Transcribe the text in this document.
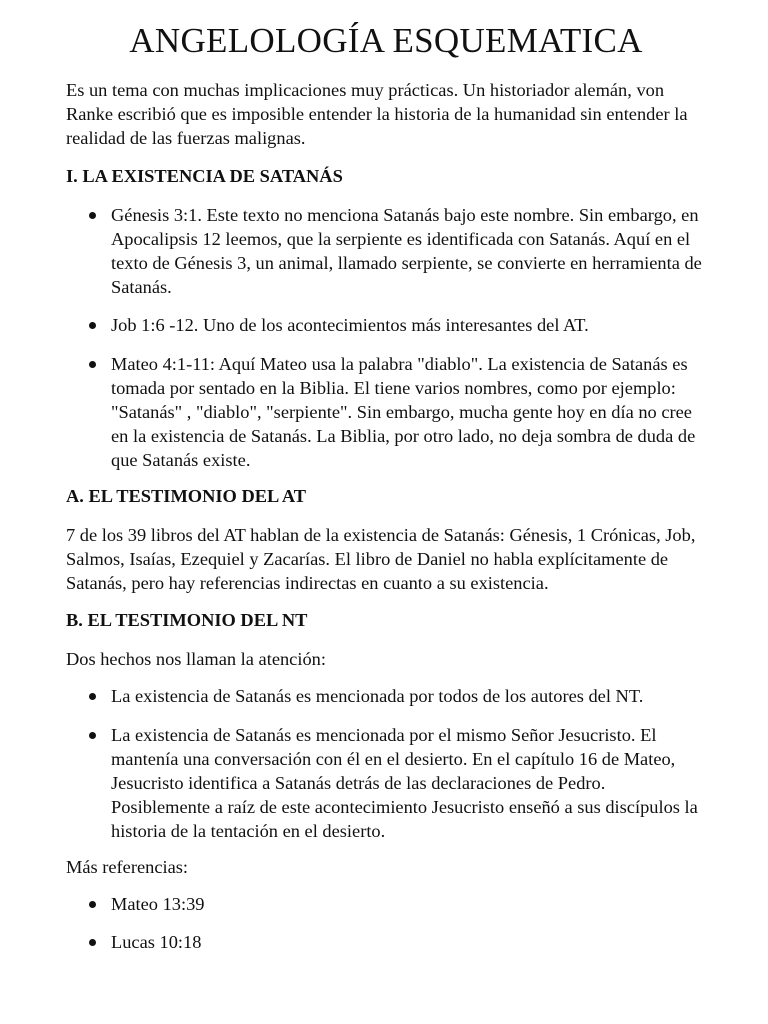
ANGELOLOGÍA ESQUEMATICA

Es un tema con muchas implicaciones muy prácticas. Un historiador alemán, von Ranke escribió que es imposible entender la historia de la humanidad sin entender la realidad de las fuerzas malignas.

I. LA EXISTENCIA DE SATANÁS

Génesis 3:1. Este texto no menciona Satanás bajo este nombre. Sin embargo, en Apocalipsis 12 leemos, que la serpiente es identificada con Satanás. Aquí en el texto de Génesis 3, un animal, llamado serpiente, se convierte en herramienta de Satanás.
Job 1:6 -12. Uno de los acontecimientos más interesantes del AT.
Mateo 4:1-11: Aquí Mateo usa la palabra "diablo". La existencia de Satanás es tomada por sentado en la Biblia. El tiene varios nombres, como por ejemplo: "Satanás" , "diablo", "serpiente". Sin embargo, mucha gente hoy en día no cree en la existencia de Satanás. La Biblia, por otro lado, no deja sombra de duda de que Satanás existe.

A. EL TESTIMONIO DEL AT

7 de los 39 libros del AT hablan de la existencia de Satanás: Génesis, 1 Crónicas, Job, Salmos, Isaías, Ezequiel y Zacarías. El libro de Daniel no habla explícitamente de Satanás, pero hay referencias indirectas en cuanto a su existencia.

B. EL TESTIMONIO DEL NT

Dos hechos nos llaman la atención:

La existencia de Satanás es mencionada por todos de los autores del NT.
La existencia de Satanás es mencionada por el mismo Señor Jesucristo. El mantenía una conversación con él en el desierto. En el capítulo 16 de Mateo, Jesucristo identifica a Satanás detrás de las declaraciones de Pedro. Posiblemente a raíz de este acontecimiento Jesucristo enseñó a sus discípulos la historia de la tentación en el desierto.

Más referencias:

Mateo 13:39
Lucas 10:18
